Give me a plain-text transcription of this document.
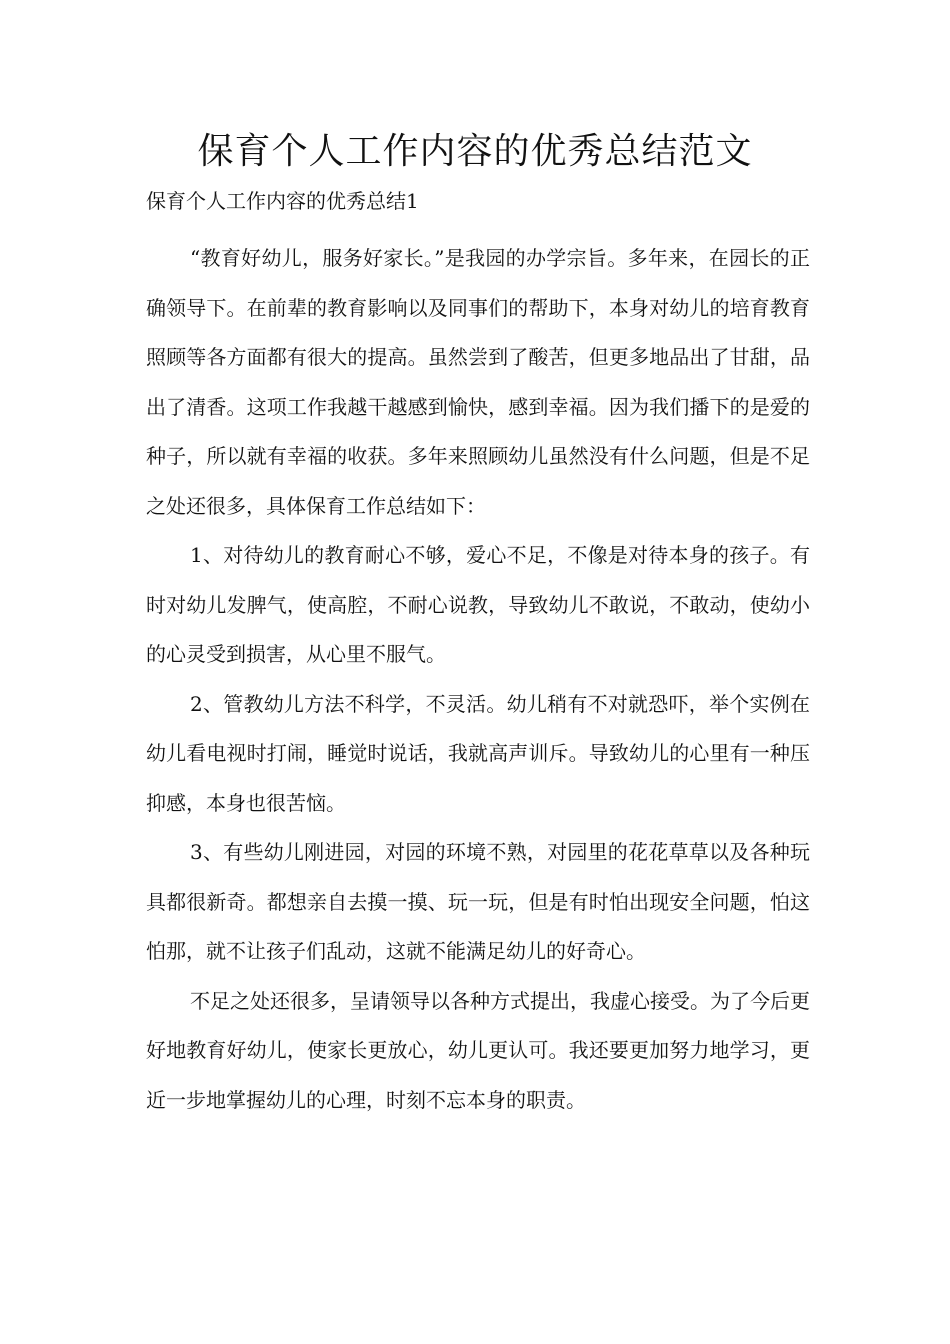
保育个人工作内容的优秀总结范文

保育个人工作内容的优秀总结1

“教育好幼儿，服务好家长。”是我园的办学宗旨。多年来，在园长的正确领导下。在前辈的教育影响以及同事们的帮助下，本身对幼儿的培育教育照顾等各方面都有很大的提高。虽然尝到了酸苦，但更多地品出了甘甜，品出了清香。这项工作我越干越感到愉快，感到幸福。因为我们播下的是爱的种子，所以就有幸福的收获。多年来照顾幼儿虽然没有什么问题，但是不足之处还很多，具体保育工作总结如下：

1、对待幼儿的教育耐心不够，爱心不足，不像是对待本身的孩子。有时对幼儿发脾气，使高腔，不耐心说教，导致幼儿不敢说，不敢动，使幼小的心灵受到损害，从心里不服气。

2、管教幼儿方法不科学，不灵活。幼儿稍有不对就恐吓，举个实例在幼儿看电视时打闹，睡觉时说话，我就高声训斥。导致幼儿的心里有一种压抑感，本身也很苦恼。

3、有些幼儿刚进园，对园的环境不熟，对园里的花花草草以及各种玩具都很新奇。都想亲自去摸一摸、玩一玩，但是有时怕出现安全问题，怕这怕那，就不让孩子们乱动，这就不能满足幼儿的好奇心。

不足之处还很多，呈请领导以各种方式提出，我虚心接受。为了今后更好地教育好幼儿，使家长更放心，幼儿更认可。我还要更加努力地学习，更近一步地掌握幼儿的心理，时刻不忘本身的职责。
